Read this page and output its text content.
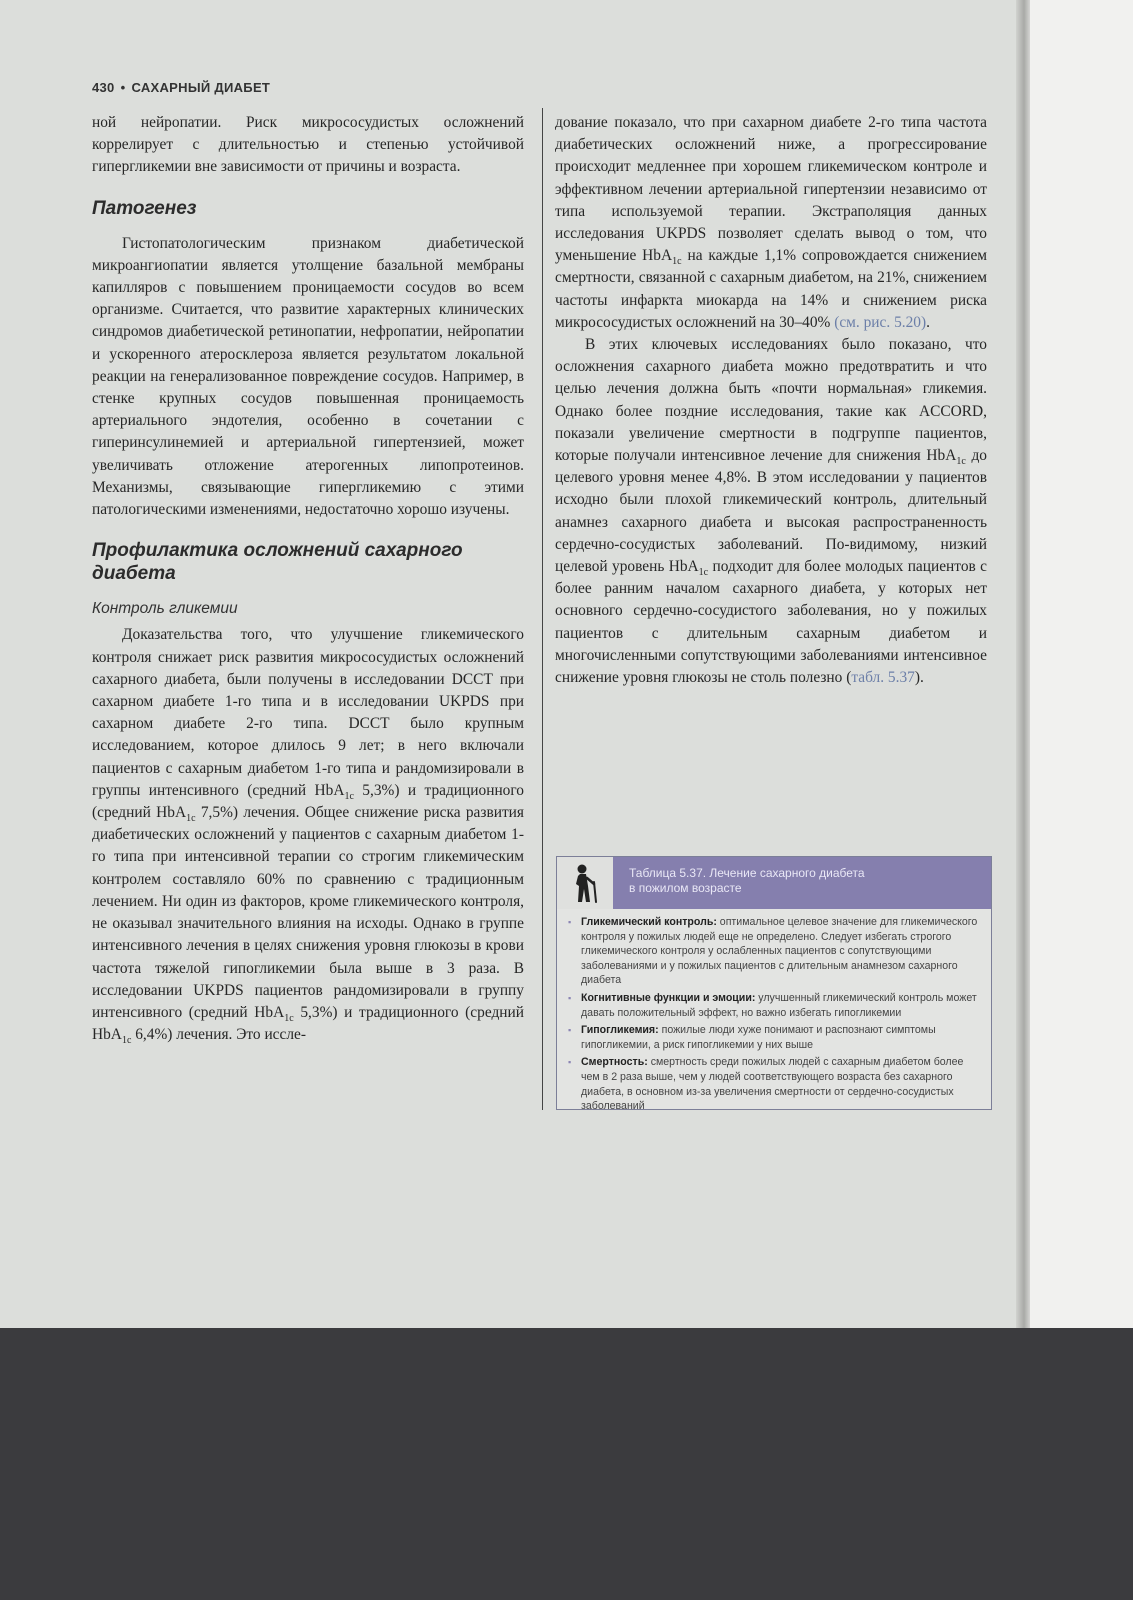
430 • САХАРНЫЙ ДИАБЕТ

ной нейропатии. Риск микрососудистых осложнений коррелирует с длительностью и степенью устойчивой гипергликемии вне зависимости от причины и возраста.

Патогенез

Гистопатологическим признаком диабетической микроангиопатии является утолщение базальной мембраны капилляров с повышением проницаемости сосудов во всем организме. Считается, что развитие характерных клинических синдромов диабетической ретинопатии, нефропатии, нейропатии и ускоренного атеросклероза является результатом локальной реакции на генерализованное повреждение сосудов. Например, в стенке крупных сосудов повышенная проницаемость артериального эндотелия, особенно в сочетании с гиперинсулинемией и артериальной гипертензией, может увеличивать отложение атерогенных липопротеинов. Механизмы, связывающие гипергликемию с этими патологическими изменениями, недостаточно хорошо изучены.

Профилактика осложнений сахарного диабета
Контроль гликемии

Доказательства того, что улучшение гликемического контроля снижает риск развития микрососудистых осложнений сахарного диабета, были получены в исследовании DCCT при сахарном диабете 1-го типа и в исследовании UKPDS при сахарном диабете 2-го типа. DCCT было крупным исследованием, которое длилось 9 лет; в него включали пациентов с сахарным диабетом 1-го типа и рандомизировали в группы интенсивного (средний HbA$_{1c}$ 5,3%) и традиционного (средний HbA$_{1c}$ 7,5%) лечения. Общее снижение риска развития диабетических осложнений у пациентов с сахарным диабетом 1-го типа при интенсивной терапии со строгим гликемическим контролем составляло 60% по сравнению с традиционным лечением. Ни один из факторов, кроме гликемического контроля, не оказывал значительного влияния на исходы. Однако в группе интенсивного лечения в целях снижения уровня глюкозы в крови частота тяжелой гипогликемии была выше в 3 раза. В исследовании UKPDS пациентов рандомизировали в группу интенсивного (средний HbA$_{1c}$ 5,3%) и традиционного (средний HbA$_{1c}$ 6,4%) лечения. Это иссле-

дование показало, что при сахарном диабете 2-го типа частота диабетических осложнений ниже, а прогрессирование происходит медленнее при хорошем гликемическом контроле и эффективном лечении артериальной гипертензии независимо от типа используемой терапии. Экстраполяция данных исследования UKPDS позволяет сделать вывод о том, что уменьшение HbA$_{1c}$ на каждые 1,1% сопровождается снижением смертности, связанной с сахарным диабетом, на 21%, снижением частоты инфаркта миокарда на 14% и снижением риска микрососудистых осложнений на 30–40% (см. рис. 5.20).

В этих ключевых исследованиях было показано, что осложнения сахарного диабета можно предотвратить и что целью лечения должна быть «почти нормальная» гликемия. Однако более поздние исследования, такие как ACCORD, показали увеличение смертности в подгруппе пациентов, которые получали интенсивное лечение для снижения HbA$_{1c}$ до целевого уровня менее 4,8%. В этом исследовании у пациентов исходно были плохой гликемический контроль, длительный анамнез сахарного диабета и высокая распространенность сердечно-сосудистых заболеваний. По-видимому, низкий целевой уровень HbA$_{1c}$ подходит для более молодых пациентов с более ранним началом сахарного диабета, у которых нет основного сердечно-сосудистого заболевания, но у пожилых пациентов с длительным сахарным диабетом и многочисленными сопутствующими заболеваниями интенсивное снижение уровня глюкозы не столь полезно (табл. 5.37).

Таблица 5.37. Лечение сахарного диабета
в пожилом возрасте
▪ Гликемический контроль: оптимальное целевое значение для гликемического контроля у пожилых людей еще не определено. Следует избегать строгого гликемического контроля у ослабленных пациентов с сопутствующими заболеваниями и у пожилых пациентов с длительным анамнезом сахарного диабета
▪ Когнитивные функции и эмоции: улучшенный гликемический контроль может давать положительный эффект, но важно избегать гипогликемии
▪ Гипогликемия: пожилые люди хуже понимают и распознают симптомы гипогликемии, а риск гипогликемии у них выше
▪ Смертность: смертность среди пожилых людей с сахарным диабетом более чем в 2 раза выше, чем у людей соответствующего возраста без сахарного диабета, в основном из-за увеличения смертности от сердечно-сосудистых заболеваний
